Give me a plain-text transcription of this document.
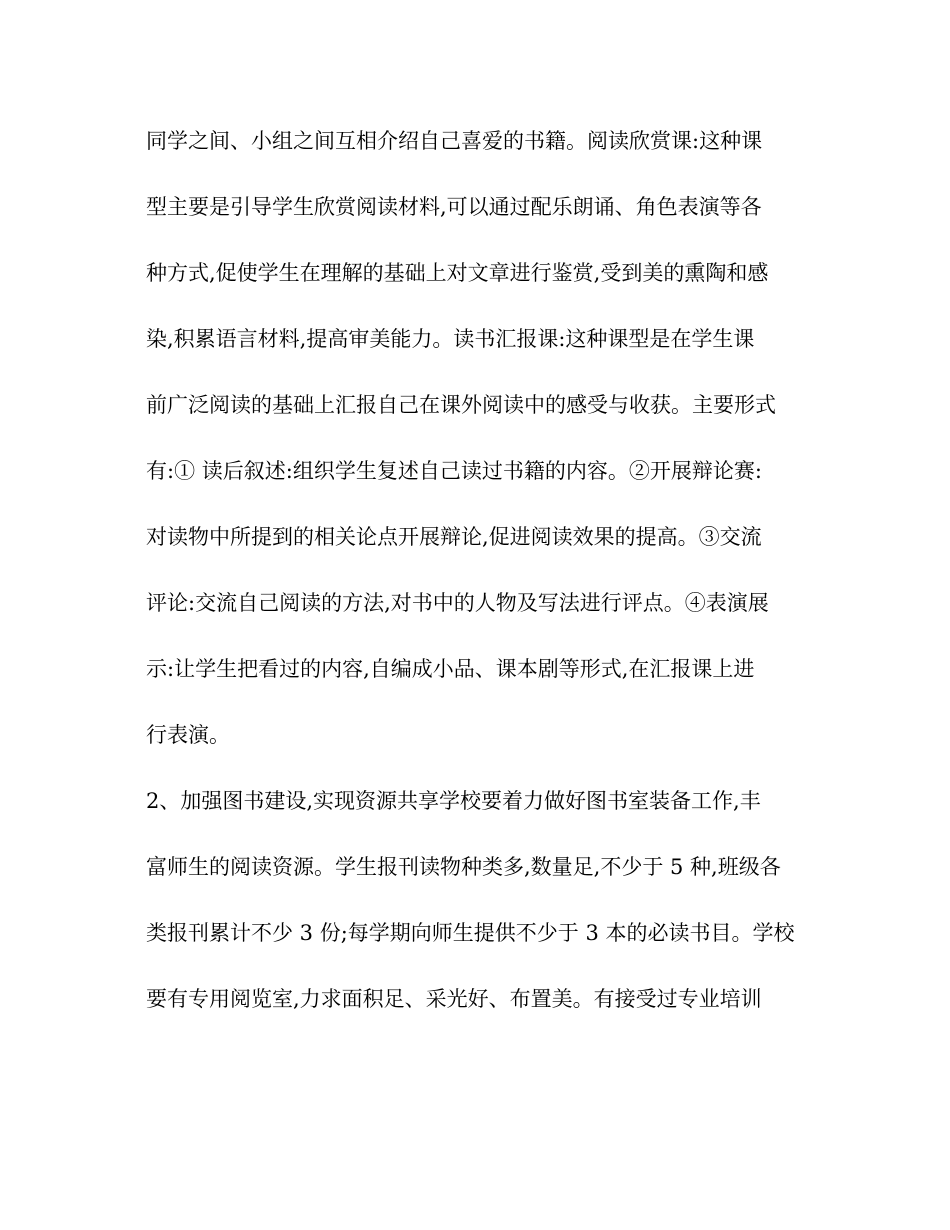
同学之间、小组之间互相介绍自己喜爱的书籍。阅读欣赏课:这种课
型主要是引导学生欣赏阅读材料,可以通过配乐朗诵、角色表演等各
种方式,促使学生在理解的基础上对文章进行鉴赏,受到美的熏陶和感
染,积累语言材料,提高审美能力。读书汇报课:这种课型是在学生课
前广泛阅读的基础上汇报自己在课外阅读中的感受与收获。主要形式
有:① 读后叙述:组织学生复述自己读过书籍的内容。②开展辩论赛:
对读物中所提到的相关论点开展辩论,促进阅读效果的提高。③交流
评论:交流自己阅读的方法,对书中的人物及写法进行评点。④表演展
示:让学生把看过的内容,自编成小品、课本剧等形式,在汇报课上进
行表演。
2、加强图书建设,实现资源共享学校要着力做好图书室装备工作,丰
富师生的阅读资源。学生报刊读物种类多,数量足,不少于 5 种,班级各
类报刊累计不少 3 份;每学期向师生提供不少于 3 本的必读书目。学校
要有专用阅览室,力求面积足、采光好、布置美。有接受过专业培训
